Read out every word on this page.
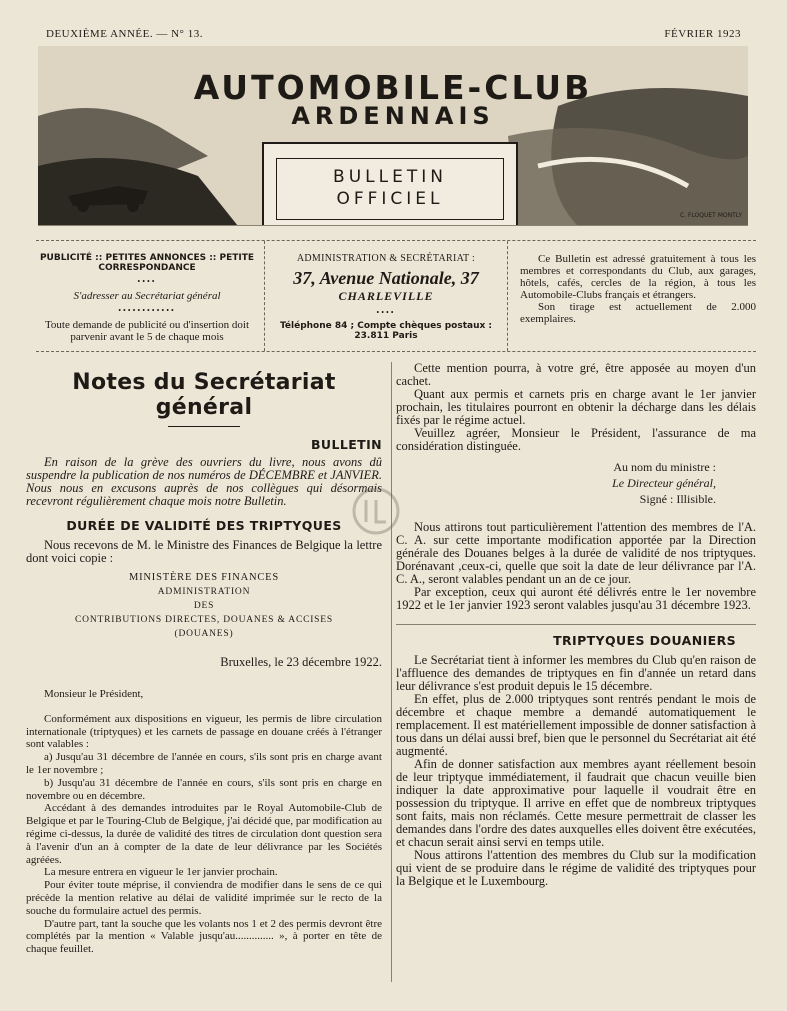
DEUXIÈME ANNÉE. — N° 13.	FÉVRIER 1923
AUTOMOBILE-CLUB
ARDENNAIS
BULLETIN
OFFICIEL
C. FLOQUET MONTLY
PUBLICITÉ :: PETITES ANNONCES :: PETITE CORRESPONDANCE
••••
S'adresser au Secrétariat général
••••••••••••
Toute demande de publicité ou d'insertion doit parvenir avant le 5 de chaque mois
ADMINISTRATION & SECRÉTARIAT :
37, Avenue Nationale, 37
CHARLEVILLE
••••
Téléphone 84 ; Compte chèques postaux : 23.811 Paris
Ce Bulletin est adressé gratuitement à tous les membres et correspondants du Club, aux garages, hôtels, cafés, cercles de la région, à tous les Automobile-Clubs français et étrangers.
Son tirage est actuellement de 2.000 exemplaires.
Notes du Secrétariat général
BULLETIN

En raison de la grève des ouvriers du livre, nous avons dû suspendre la publication de nos numéros de DÉCEMBRE et JANVIER. Nous nous en excusons auprès de nos collègues qui désormais recevront régulièrement chaque mois notre Bulletin.

DURÉE DE VALIDITÉ DES TRIPTYQUES

Nous recevons de M. le Ministre des Finances de Belgique la lettre dont voici copie :

MINISTÈRE DES FINANCES
ADMINISTRATION
DES
CONTRIBUTIONS DIRECTES, DOUANES & ACCISES
(DOUANES)
Bruxelles, le 23 décembre 1922.

Monsieur le Président,

Conformément aux dispositions en vigueur, les permis de libre circulation internationale (triptyques) et les carnets de passage en douane créés à l'étranger sont valables :

a) Jusqu'au 31 décembre de l'année en cours, s'ils sont pris en charge avant le 1er novembre ;

b) Jusqu'au 31 décembre de l'année en cours, s'ils sont pris en charge en novembre ou en décembre.

Accédant à des demandes introduites par le Royal Automobile-Club de Belgique et par le Touring-Club de Belgique, j'ai décidé que, par modification au régime ci-dessus, la durée de validité des titres de circulation dont question sera à l'avenir d'un an à compter de la date de leur délivrance par les Sociétés agréées.

La mesure entrera en vigueur le 1er janvier prochain.

Pour éviter toute méprise, il conviendra de modifier dans le sens de ce qui précède la mention relative au délai de validité imprimée sur le recto de la souche du formulaire actuel des permis.

D'autre part, tant la souche que les volants nos 1 et 2 des permis devront être complétés par la mention « Valable jusqu'au.............. », à porter en tête de chaque feuillet.

Cette mention pourra, à votre gré, être apposée au moyen d'un cachet.

Quant aux permis et carnets pris en charge avant le 1er janvier prochain, les titulaires pourront en obtenir la décharge dans les délais fixés par le régime actuel.

Veuillez agréer, Monsieur le Président, l'assurance de ma considération distinguée.

Au nom du ministre :
Le Directeur général,
Signé : Illisible.

Nous attirons tout particulièrement l'attention des membres de l'A. C. A. sur cette importante modification apportée par la Direction générale des Douanes belges à la durée de validité de nos triptyques. Dorénavant ,ceux-ci, quelle que soit la date de leur délivrance par l'A. C. A., seront valables pendant un an de ce jour.

Par exception, ceux qui auront été délivrés entre le 1er novembre 1922 et le 1er janvier 1923 seront valables jusqu'au 31 décembre 1923.

TRIPTYQUES DOUANIERS

Le Secrétariat tient à informer les membres du Club qu'en raison de l'affluence des demandes de triptyques en fin d'année un retard dans leur délivrance s'est produit depuis le 15 décembre.

En effet, plus de 2.000 triptyques sont rentrés pendant le mois de décembre et chaque membre a demandé automatiquement le remplacement. Il est matériellement impossible de donner satisfaction à tous dans un délai aussi bref, bien que le personnel du Secrétariat ait été augmenté.

Afin de donner satisfaction aux membres ayant réellement besoin de leur triptyque immédiatement, il faudrait que chacun veuille bien indiquer la date approximative pour laquelle il voudrait être en possession du triptyque. Il arrive en effet que de nombreux triptyques sont faits, mais non réclamés. Cette mesure permettrait de classer les demandes dans l'ordre des dates auxquelles elles doivent être exécutées, et chacun serait ainsi servi en temps utile.

Nous attirons l'attention des membres du Club sur la modification qui vient de se produire dans le régime de validité des triptyques pour la Belgique et le Luxembourg.
